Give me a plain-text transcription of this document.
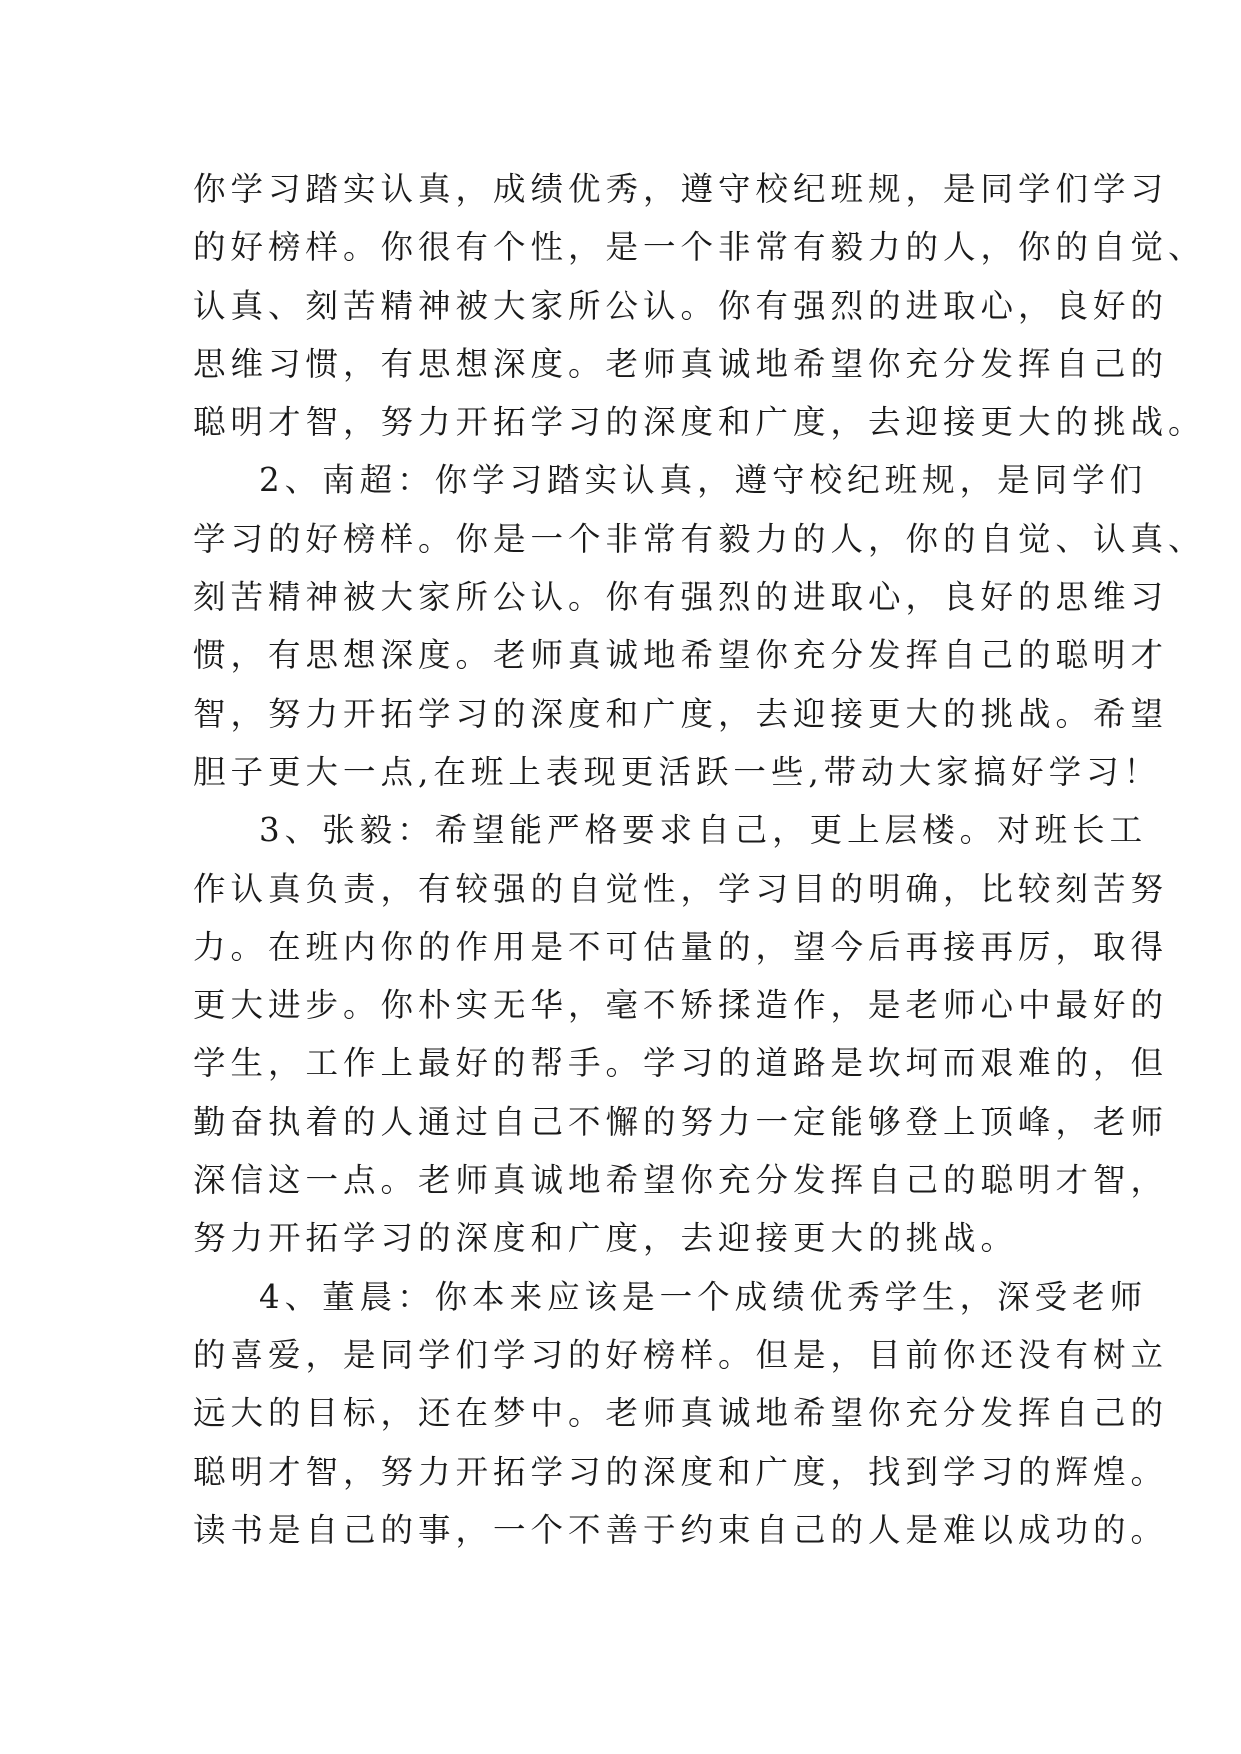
你学习踏实认真，成绩优秀，遵守校纪班规，是同学们学习
的好榜样。你很有个性，是一个非常有毅力的人，你的自觉、
认真、刻苦精神被大家所公认。你有强烈的进取心，良好的
思维习惯，有思想深度。老师真诚地希望你充分发挥自己的
聪明才智，努力开拓学习的深度和广度，去迎接更大的挑战。
2、南超：你学习踏实认真，遵守校纪班规，是同学们
学习的好榜样。你是一个非常有毅力的人，你的自觉、认真、
刻苦精神被大家所公认。你有强烈的进取心，良好的思维习
惯，有思想深度。老师真诚地希望你充分发挥自己的聪明才
智，努力开拓学习的深度和广度，去迎接更大的挑战。希望
胆子更大一点,在班上表现更活跃一些,带动大家搞好学习！
3、张毅：希望能严格要求自己，更上层楼。对班长工
作认真负责，有较强的自觉性，学习目的明确，比较刻苦努
力。在班内你的作用是不可估量的，望今后再接再厉，取得
更大进步。你朴实无华，毫不矫揉造作，是老师心中最好的
学生，工作上最好的帮手。学习的道路是坎坷而艰难的，但
勤奋执着的人通过自己不懈的努力一定能够登上顶峰，老师
深信这一点。老师真诚地希望你充分发挥自己的聪明才智，
努力开拓学习的深度和广度，去迎接更大的挑战。
4、董晨：你本来应该是一个成绩优秀学生，深受老师
的喜爱，是同学们学习的好榜样。但是，目前你还没有树立
远大的目标，还在梦中。老师真诚地希望你充分发挥自己的
聪明才智，努力开拓学习的深度和广度，找到学习的辉煌。
读书是自己的事，一个不善于约束自己的人是难以成功的。
